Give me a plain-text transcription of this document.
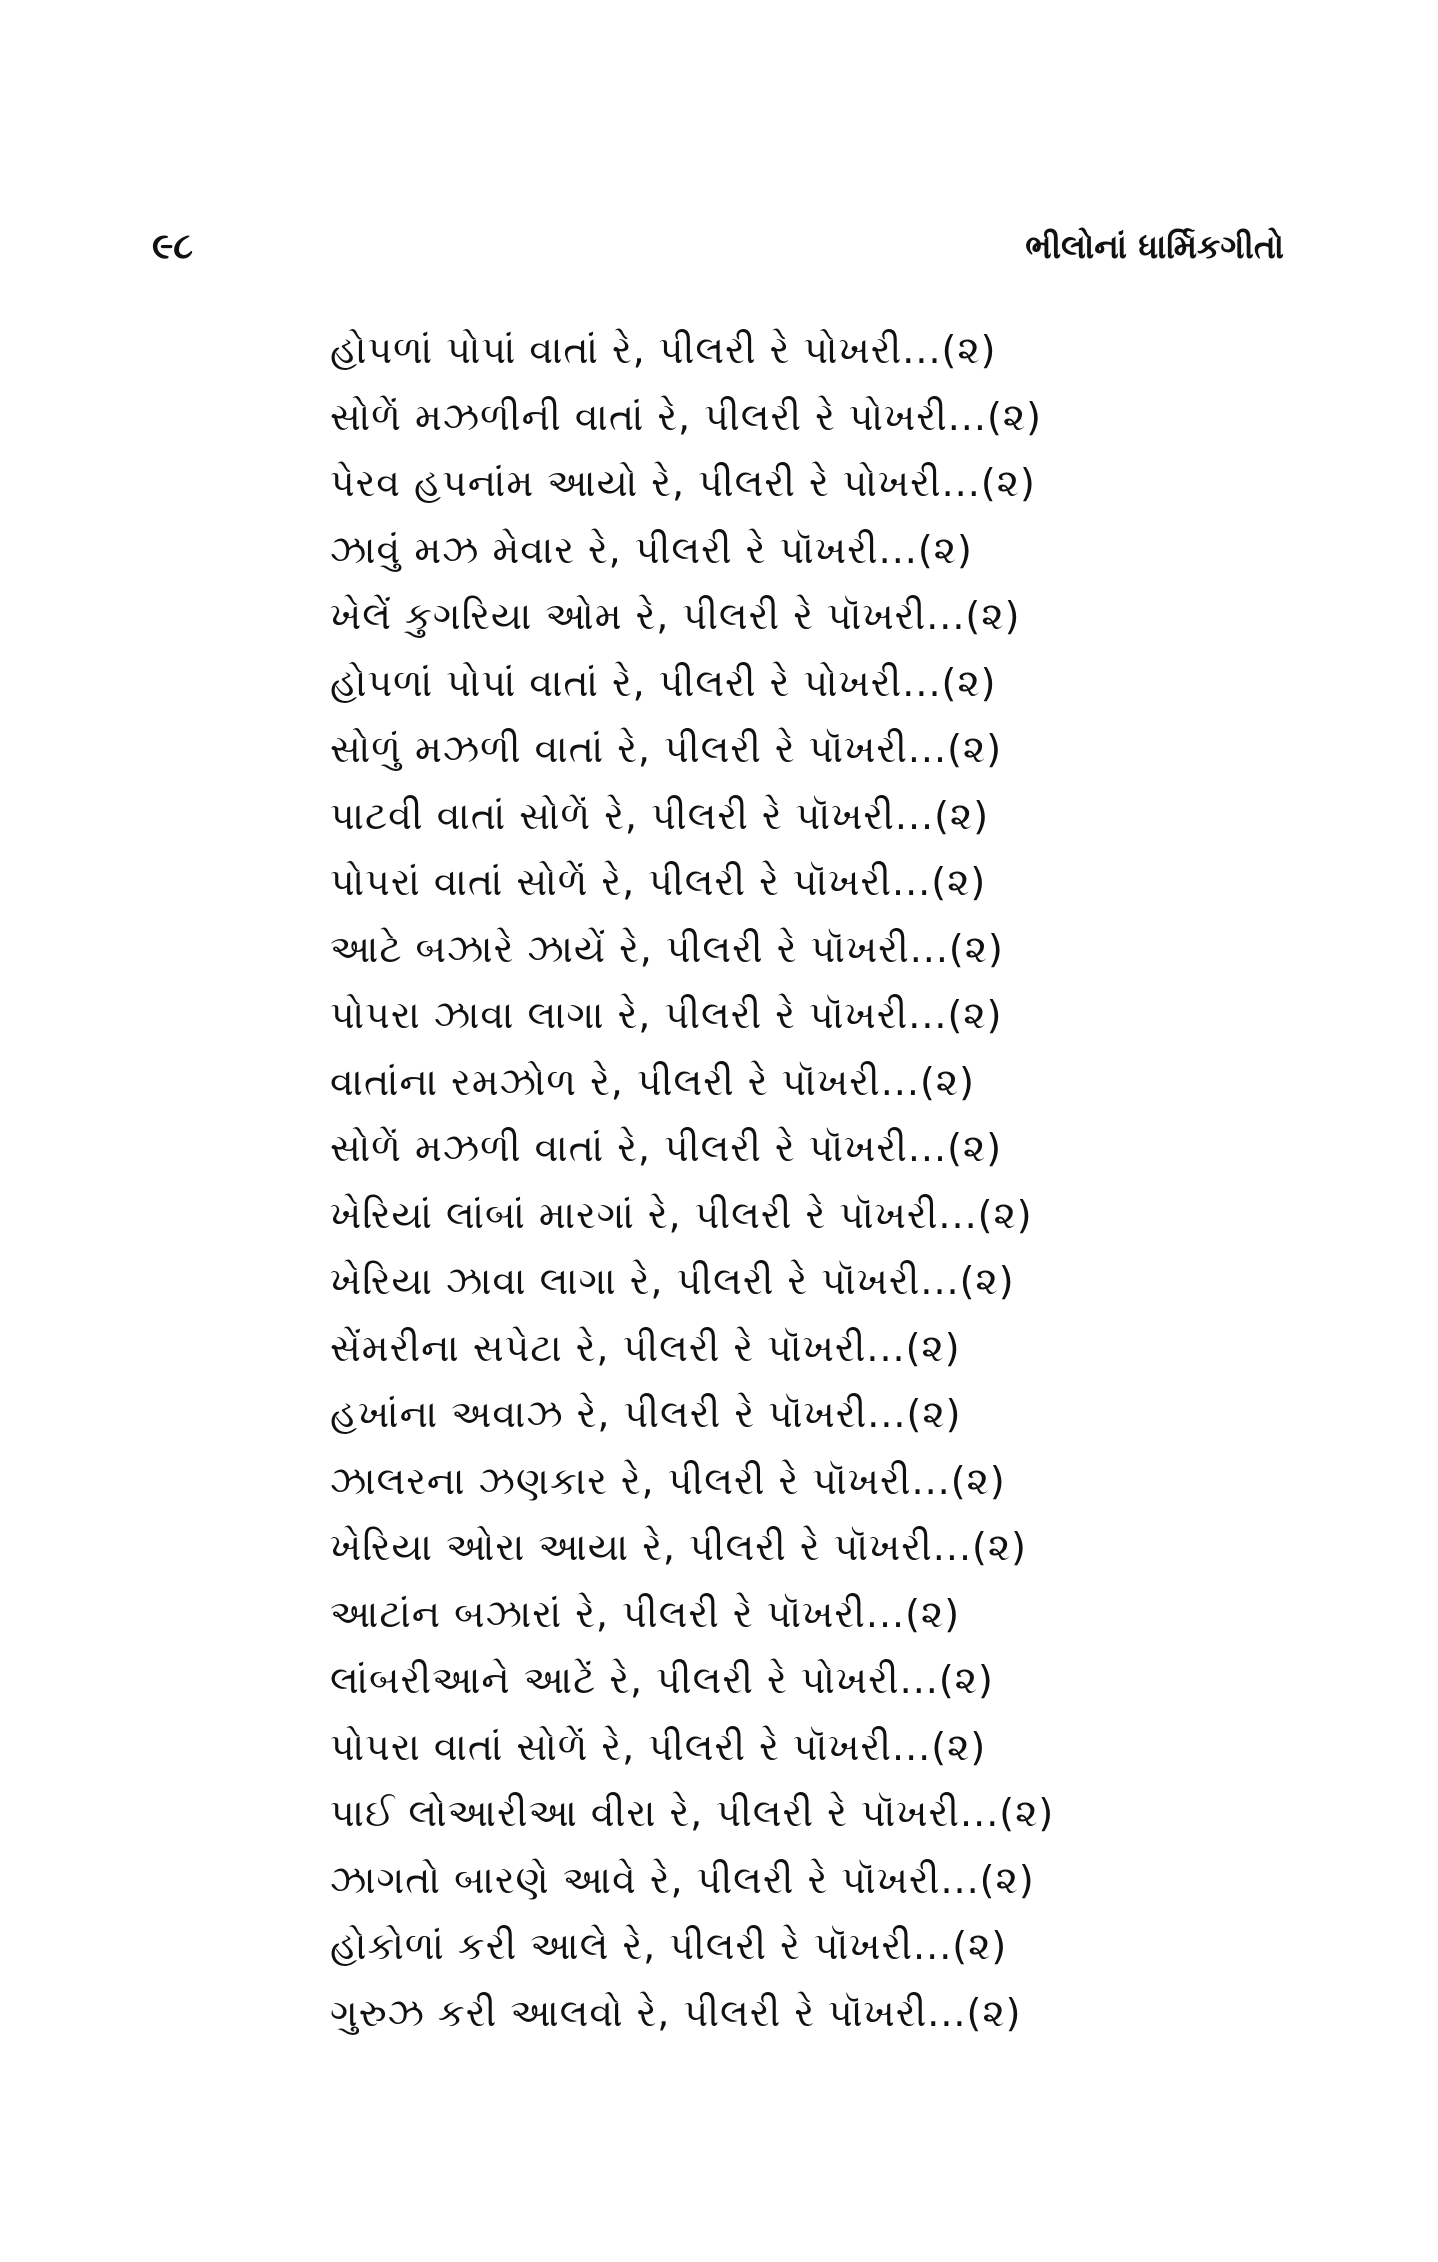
૯૮	ભીલોનાં ધાર્મિકગીતો
હોપળાં પોપાં વાતાં રે, પીલરી રે પોખરી...(૨)
સોળેં મઝળીની વાતાં રે, પીલરી રે પોખરી...(૨)
પેરવ હપનાંમ આયો રે, પીલરી રે પોખરી...(૨)
ઝાવું મઝ મેવાર રે, પીલરી રે પૉખરી...(૨)
ખેલેં કુગરિયા ઓમ રે, પીલરી રે પૉખરી...(૨)
હોપળાં પોપાં વાતાં રે, પીલરી રે પોખરી...(૨)
સોળું મઝળી વાતાં રે, પીલરી રે પૉખરી...(૨)
પાટવી વાતાં સોળેં રે, પીલરી રે પૉખરી...(૨)
પોપરાં વાતાં સોળેં રે, પીલરી રે પૉખરી...(૨)
આટે બઝારે ઝાયેં રે, પીલરી રે પૉખરી...(૨)
પોપરા ઝાવા લાગા રે, પીલરી રે પૉખરી...(૨)
વાતાંના રમઝોળ રે, પીલરી રે પૉખરી...(૨)
સોળેં મઝળી વાતાં રે, પીલરી રે પૉખરી...(૨)
ખેરિયાં લાંબાં મારગાં રે, પીલરી રે પૉખરી...(૨)
ખેરિયા ઝાવા લાગા રે, પીલરી રે પૉખરી...(૨)
સેંમરીના સપેટા રે, પીલરી રે પૉખરી...(૨)
હખાંના અવાઝ રે, પીલરી રે પૉખરી...(૨)
ઝાલરના ઝણકાર રે, પીલરી રે પૉખરી...(૨)
ખેરિયા ઓરા આયા રે, પીલરી રે પૉખરી...(૨)
આટાંન બઝારાં રે, પીલરી રે પૉખરી...(૨)
લાંબરીઆને આટેં રે, પીલરી રે પોખરી...(૨)
પોપરા વાતાં સોળેં રે, પીલરી રે પૉખરી...(૨)
પાઈ લોઆરીઆ વીરા રે, પીલરી રે પૉખરી...(૨)
ઝાગતો બારણે આવે રે, પીલરી રે પૉખરી...(૨)
હોકોળાં કરી આલે રે, પીલરી રે પૉખરી...(૨)
ગુરુઝ કરી આલવો રે, પીલરી રે પૉખરી...(૨)
